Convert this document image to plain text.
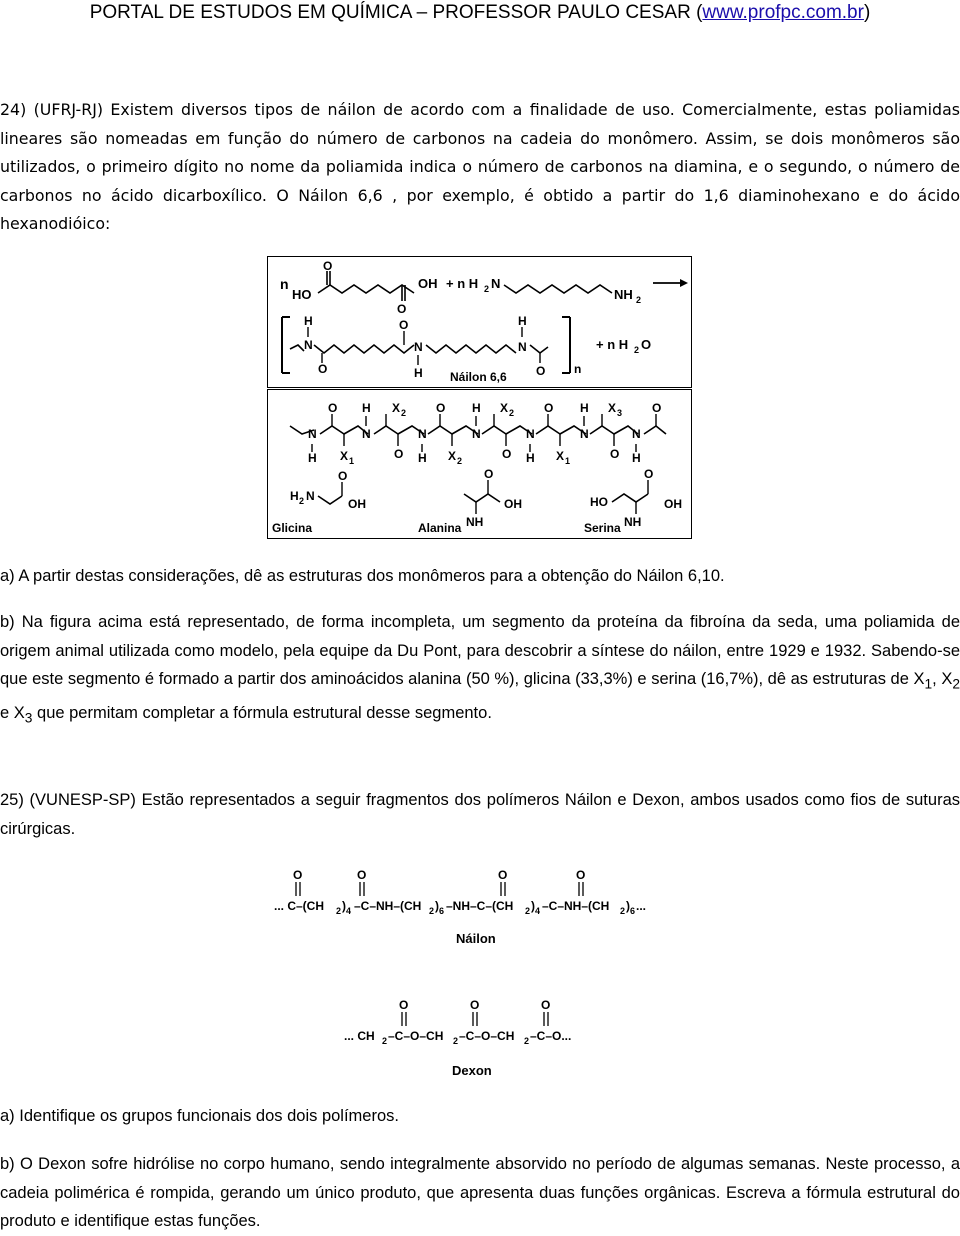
PORTAL DE ESTUDOS EM QUÍMICA – PROFESSOR PAULO CESAR (www.profpc.com.br)

24) (UFRJ-RJ) Existem diversos tipos de náilon de acordo com a finalidade de uso. Comercialmente, estas poliamidas lineares são nomeadas em função do número de carbonos na cadeia do monômero. Assim, se dois monômeros são utilizados, o primeiro dígito no nome da poliamida indica o número de carbonos na diamina, e o segundo, o número de carbonos no ácido dicarboxílico. O Náilon 6,6 , por exemplo, é obtido a partir do 1,6 diaminohexano e do ácido hexanodióico:

n
HO
O
O
OH + n H 2 N
NH 2
N
H
O
O
N
H
N
H
O n
Náilon 6,6
+ n H 2 O
N
H
O
X 1
N
H X 2
O
N
H
O
X 2
N
H X 2
O
N
H
O
X 1
N
H X 3
O
N
H
O
H 2 N
O
OH
Glicina	NH
O
OH
Alanina
HO
NH
O
OH
Serina

a) A partir destas considerações, dê as estruturas dos monômeros para a obtenção do Náilon 6,10.

b) Na figura acima está representado, de forma incompleta, um segmento da proteína da fibroína da seda, uma poliamida de origem animal utilizada como modelo, pela equipe da Du Pont, para descobrir a síntese do náilon, entre 1929 e 1932. Sabendo-se que este segmento é formado a partir dos aminoácidos alanina (50 %), glicina (33,3%) e serina (16,7%), dê as estruturas de $X_1$, $X_2$ e $X_3$ que permitam completar a fórmula estrutural desse segmento.

25) (VUNESP-SP) Estão representados a seguir fragmentos dos polímeros Náilon e Dexon, ambos usados como fios de suturas cirúrgicas.

O
... C–(CH 2 ) 4 –C–NH–(CH
O
2 ) 6 –NH–C–(CH
O
2 ) 4 –C–NH–(CH
O
2 ) 6 ...
Náilon
... CH 2 –C–O–CH
O
2 –C–O–CH
O
2 –C–O...
O
Dexon

a) Identifique os grupos funcionais dos dois polímeros.

b) O Dexon sofre hidrólise no corpo humano, sendo integralmente absorvido no período de algumas semanas. Neste processo, a cadeia polimérica é rompida, gerando um único produto, que apresenta duas funções orgânicas. Escreva a fórmula estrutural do produto e identifique estas funções.
